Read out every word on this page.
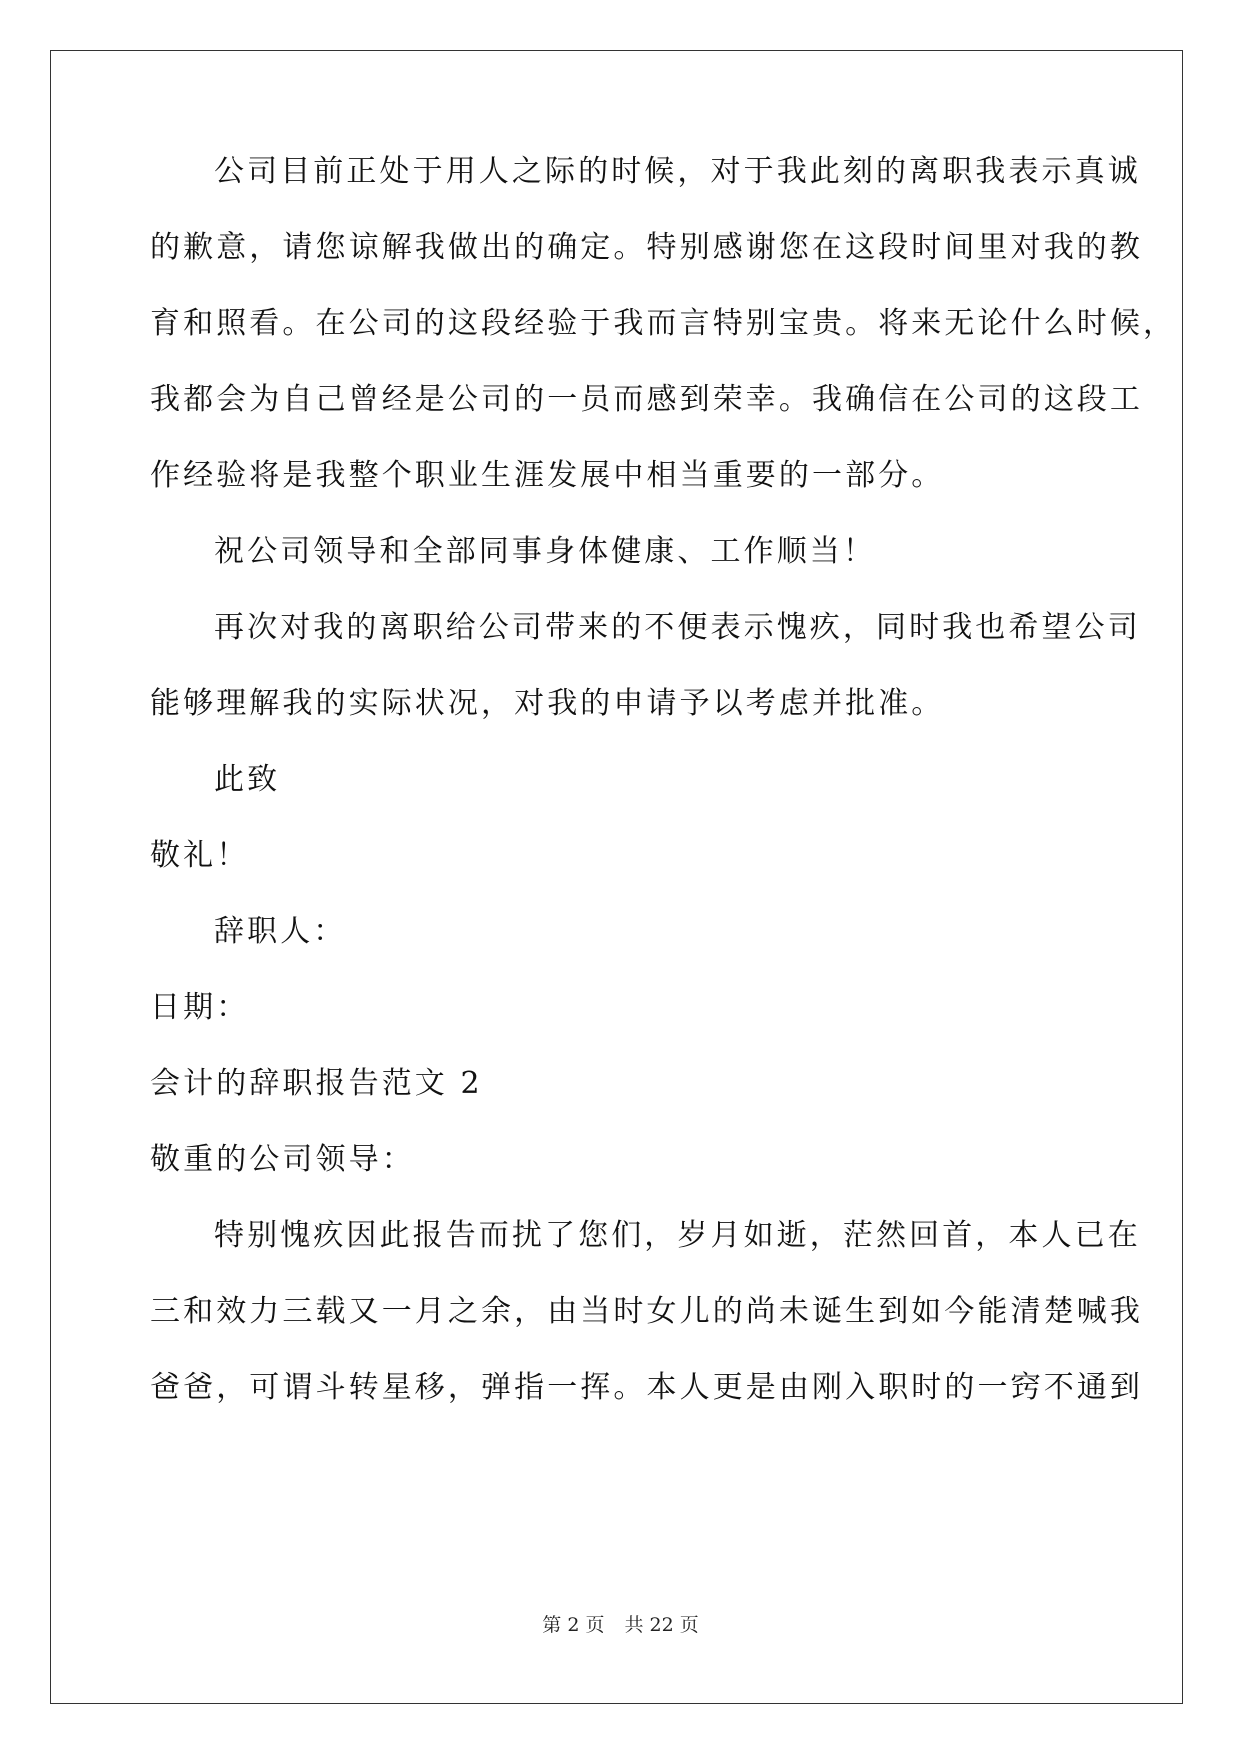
公司目前正处于用人之际的时候，对于我此刻的离职我表示真诚
的歉意，请您谅解我做出的确定。特别感谢您在这段时间里对我的教
育和照看。在公司的这段经验于我而言特别宝贵。将来无论什么时候，
我都会为自己曾经是公司的一员而感到荣幸。我确信在公司的这段工
作经验将是我整个职业生涯发展中相当重要的一部分。
祝公司领导和全部同事身体健康、工作顺当！
再次对我的离职给公司带来的不便表示愧疚，同时我也希望公司
能够理解我的实际状况，对我的申请予以考虑并批准。
此致
敬礼！
辞职人：
日期：
会计的辞职报告范文 2
敬重的公司领导：
特别愧疚因此报告而扰了您们，岁月如逝，茫然回首，本人已在
三和效力三载又一月之余，由当时女儿的尚未诞生到如今能清楚喊我
爸爸，可谓斗转星移，弹指一挥。本人更是由刚入职时的一窍不通到
第 2 页 共 22 页
